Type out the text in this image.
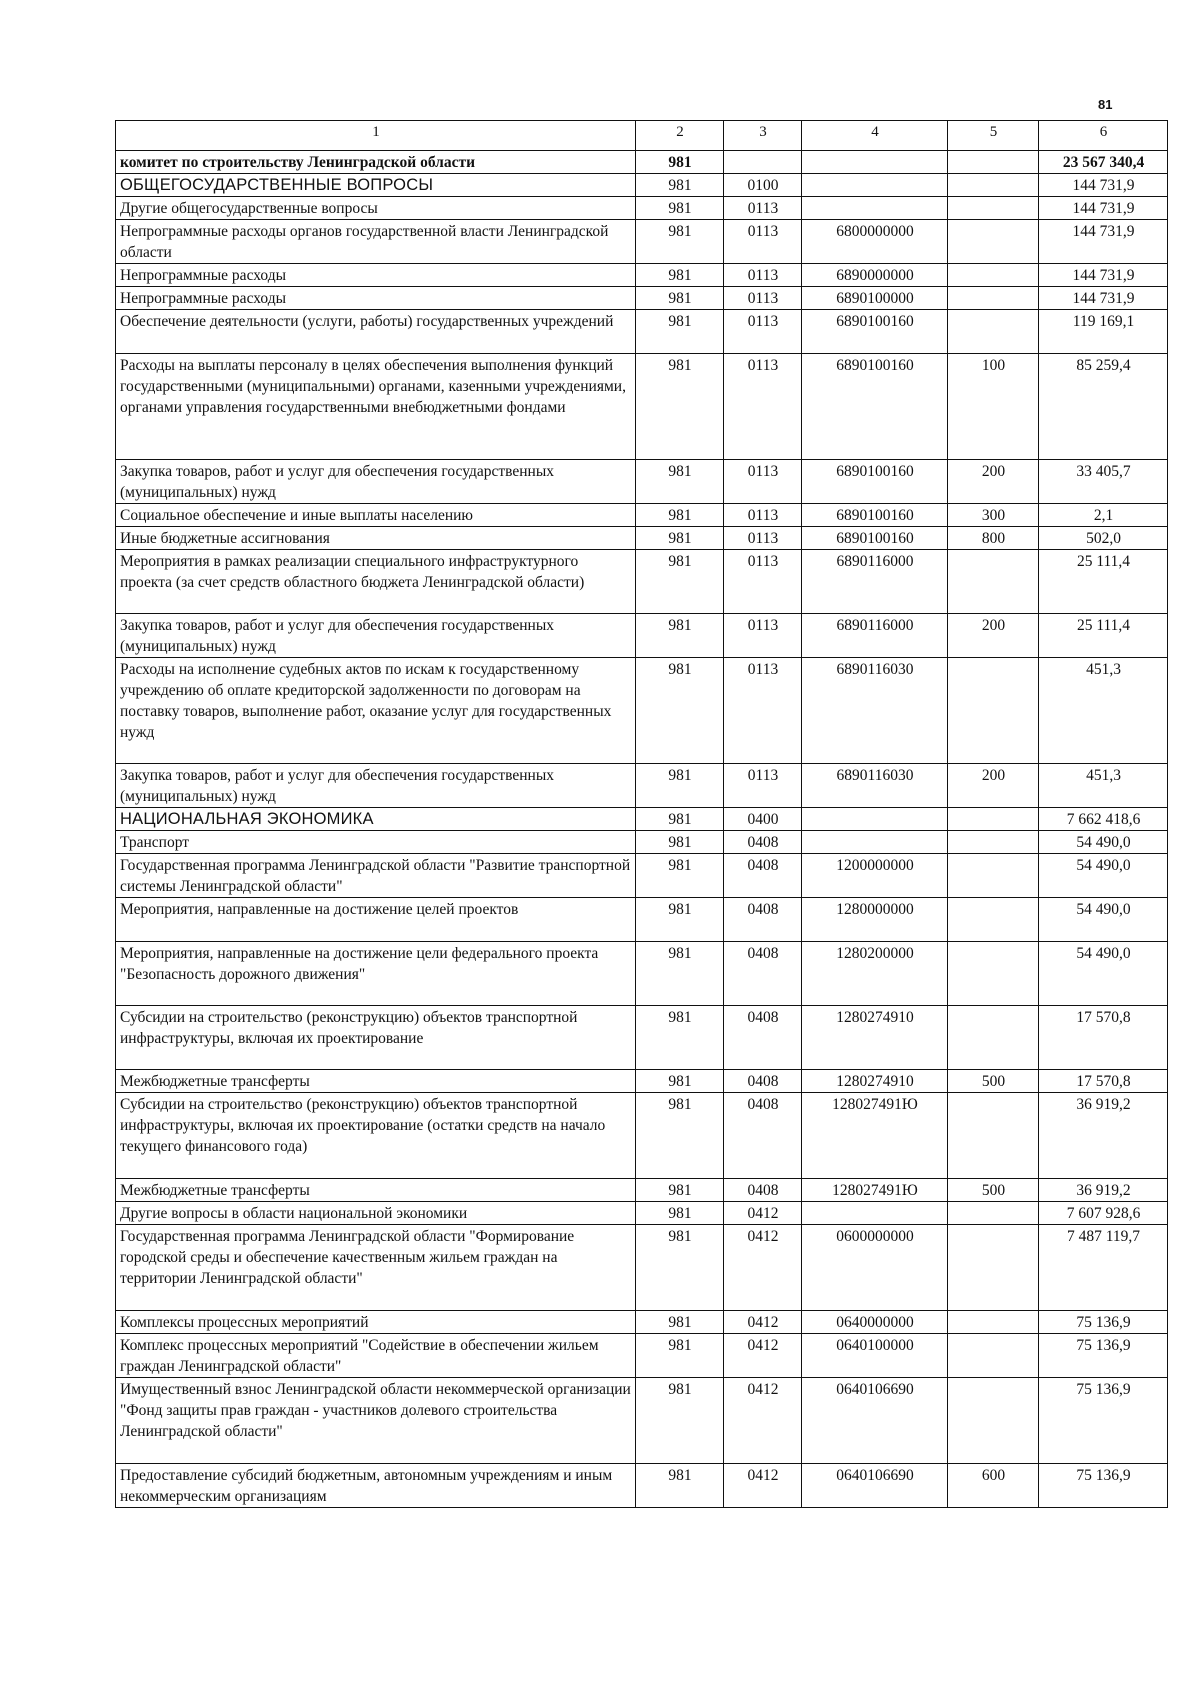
81
1	2	3	4	5	6
комитет по строительству Ленинградской области	981				23 567 340,4
ОБЩЕГОСУДАРСТВЕННЫЕ ВОПРОСЫ	981	0100			144 731,9
Другие общегосударственные вопросы	981	0113			144 731,9
Непрограммные расходы органов государственной власти Ленинградской области	981	0113	6800000000		144 731,9
Непрограммные расходы	981	0113	6890000000		144 731,9
Непрограммные расходы	981	0113	6890100000		144 731,9
Обеспечение деятельности (услуги, работы) государственных учреждений	981	0113	6890100160		119 169,1
Расходы на выплаты персоналу в целях обеспечения выполнения функций государственными (муниципальными) органами, казенными учреждениями, органами управления государственными внебюджетными фондами	981	0113	6890100160	100	85 259,4
Закупка товаров, работ и услуг для обеспечения государственных (муниципальных) нужд	981	0113	6890100160	200	33 405,7
Социальное обеспечение и иные выплаты населению	981	0113	6890100160	300	2,1
Иные бюджетные ассигнования	981	0113	6890100160	800	502,0
Мероприятия в рамках реализации специального инфраструктурного проекта (за счет средств областного бюджета Ленинградской области)	981	0113	6890116000		25 111,4
Закупка товаров, работ и услуг для обеспечения государственных (муниципальных) нужд	981	0113	6890116000	200	25 111,4
Расходы на исполнение судебных актов по искам к государственному учреждению об оплате кредиторской задолженности по договорам на поставку товаров, выполнение работ, оказание услуг для государственных нужд	981	0113	6890116030		451,3
Закупка товаров, работ и услуг для обеспечения государственных (муниципальных) нужд	981	0113	6890116030	200	451,3
НАЦИОНАЛЬНАЯ ЭКОНОМИКА	981	0400			7 662 418,6
Транспорт	981	0408			54 490,0
Государственная программа Ленинградской области "Развитие транспортной системы Ленинградской области"	981	0408	1200000000		54 490,0
Мероприятия, направленные на достижение целей проектов	981	0408	1280000000		54 490,0
Мероприятия, направленные на достижение цели федерального проекта "Безопасность дорожного движения"	981	0408	1280200000		54 490,0
Субсидии на строительство (реконструкцию) объектов транспортной инфраструктуры, включая их проектирование	981	0408	1280274910		17 570,8
Межбюджетные трансферты	981	0408	1280274910	500	17 570,8
Субсидии на строительство (реконструкцию) объектов транспортной инфраструктуры, включая их проектирование (остатки средств на начало текущего финансового года)	981	0408	128027491Ю		36 919,2
Межбюджетные трансферты	981	0408	128027491Ю	500	36 919,2
Другие вопросы в области национальной экономики	981	0412			7 607 928,6
Государственная программа Ленинградской области "Формирование городской среды и обеспечение качественным жильем граждан на территории Ленинградской области"	981	0412	0600000000		7 487 119,7
Комплексы процессных мероприятий	981	0412	0640000000		75 136,9
Комплекс процессных мероприятий "Содействие в обеспечении жильем граждан Ленинградской области"	981	0412	0640100000		75 136,9
Имущественный взнос Ленинградской области некоммерческой организации "Фонд защиты прав граждан - участников долевого строительства Ленинградской области"	981	0412	0640106690		75 136,9
Предоставление субсидий бюджетным, автономным учреждениям и иным некоммерческим организациям	981	0412	0640106690	600	75 136,9
